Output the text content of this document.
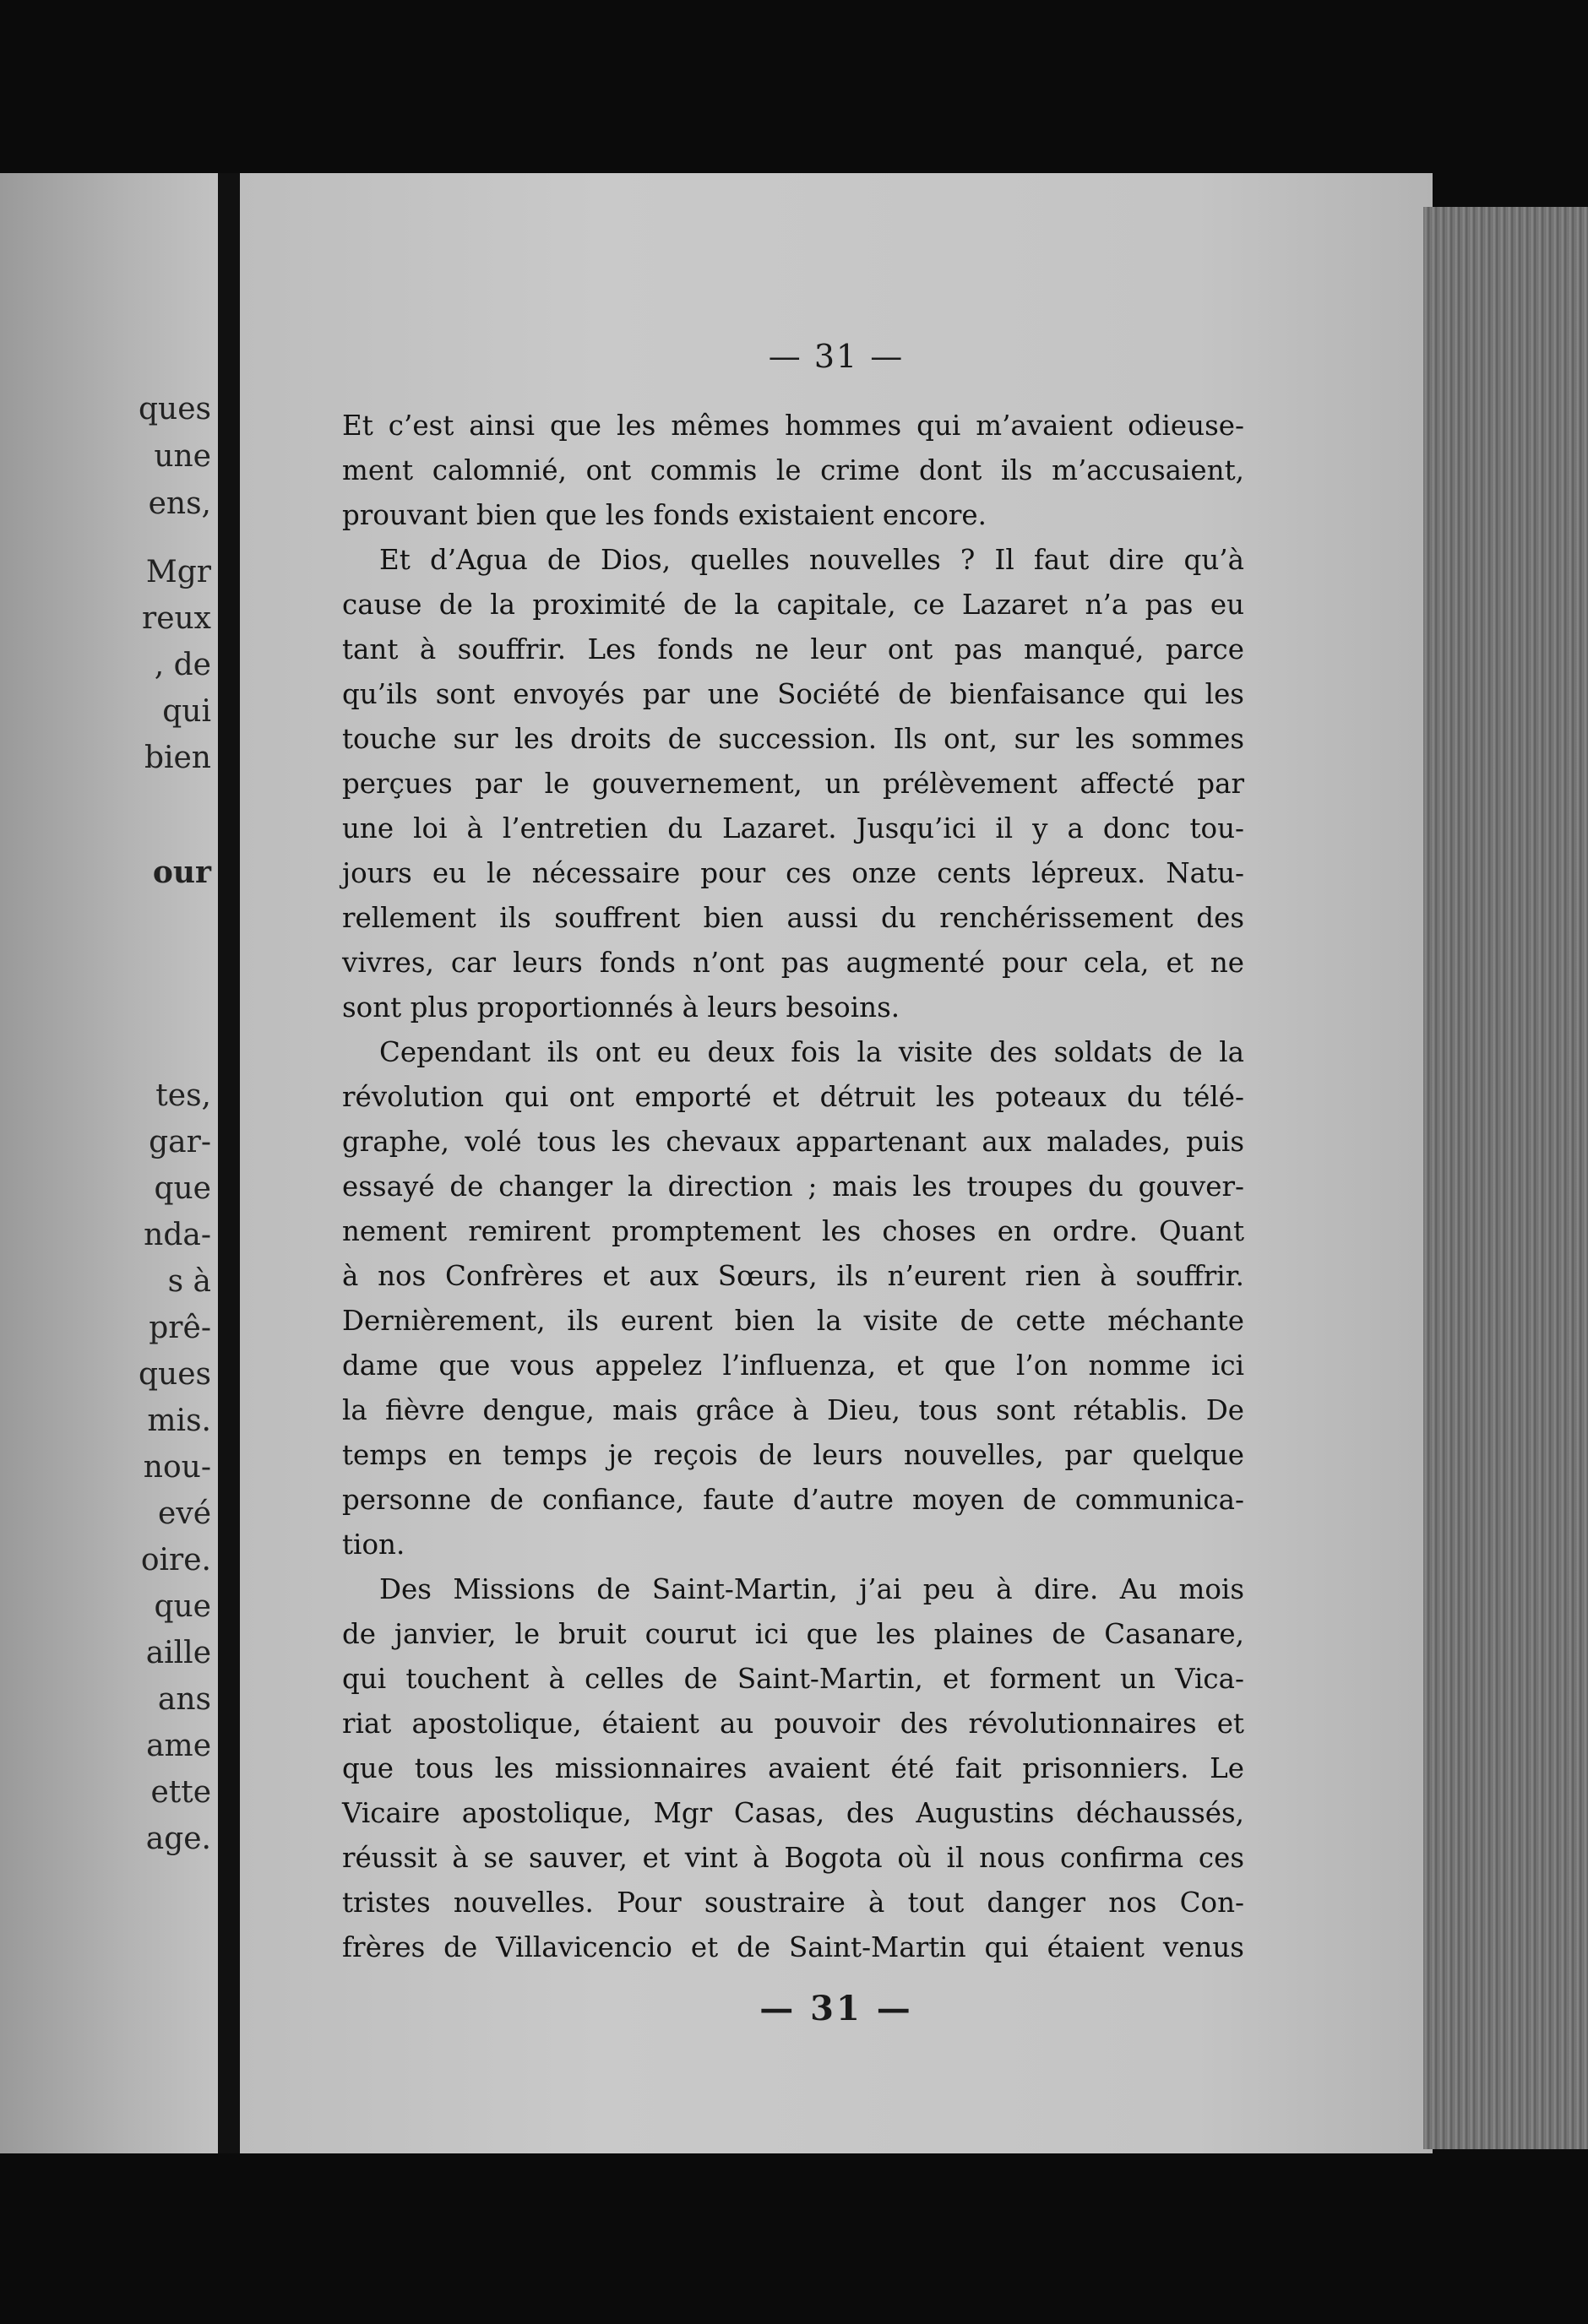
ques
une
ens,
Mgr
reux
, de
qui
bien
our
tes,
gar-
que
nda-
s à
prê-
ques
mis.
nou-
evé
oire.
que
aille
ans
ame
ette
age.
— 31 —
Et c’est ainsi que les mêmes hommes qui m’avaient odieuse-
ment calomnié, ont commis le crime dont ils m’accusaient,
prouvant bien que les fonds existaient encore.
Et d’Agua de Dios, quelles nouvelles ? Il faut dire qu’à
cause de la proximité de la capitale, ce Lazaret n’a pas eu
tant à souffrir. Les fonds ne leur ont pas manqué, parce
qu’ils sont envoyés par une Société de bienfaisance qui les
touche sur les droits de succession. Ils ont, sur les sommes
perçues par le gouvernement, un prélèvement affecté par
une loi à l’entretien du Lazaret. Jusqu’ici il y a donc tou-
jours eu le nécessaire pour ces onze cents lépreux. Natu-
rellement ils souffrent bien aussi du renchérissement des
vivres, car leurs fonds n’ont pas augmenté pour cela, et ne
sont plus proportionnés à leurs besoins.
Cependant ils ont eu deux fois la visite des soldats de la
révolution qui ont emporté et détruit les poteaux du télé-
graphe, volé tous les chevaux appartenant aux malades, puis
essayé de changer la direction ; mais les troupes du gouver-
nement remirent promptement les choses en ordre. Quant
à nos Confrères et aux Sœurs, ils n’eurent rien à souffrir.
Dernièrement, ils eurent bien la visite de cette méchante
dame que vous appelez l’influenza, et que l’on nomme ici
la fièvre dengue, mais grâce à Dieu, tous sont rétablis. De
temps en temps je reçois de leurs nouvelles, par quelque
personne de confiance, faute d’autre moyen de communica-
tion.
Des Missions de Saint-Martin, j’ai peu à dire. Au mois
de janvier, le bruit courut ici que les plaines de Casanare,
qui touchent à celles de Saint-Martin, et forment un Vica-
riat apostolique, étaient au pouvoir des révolutionnaires et
que tous les missionnaires avaient été fait prisonniers. Le
Vicaire apostolique, Mgr Casas, des Augustins déchaussés,
réussit à se sauver, et vint à Bogota où il nous confirma ces
tristes nouvelles. Pour soustraire à tout danger nos Con-
frères de Villavicencio et de Saint-Martin qui étaient venus
— 31 —
